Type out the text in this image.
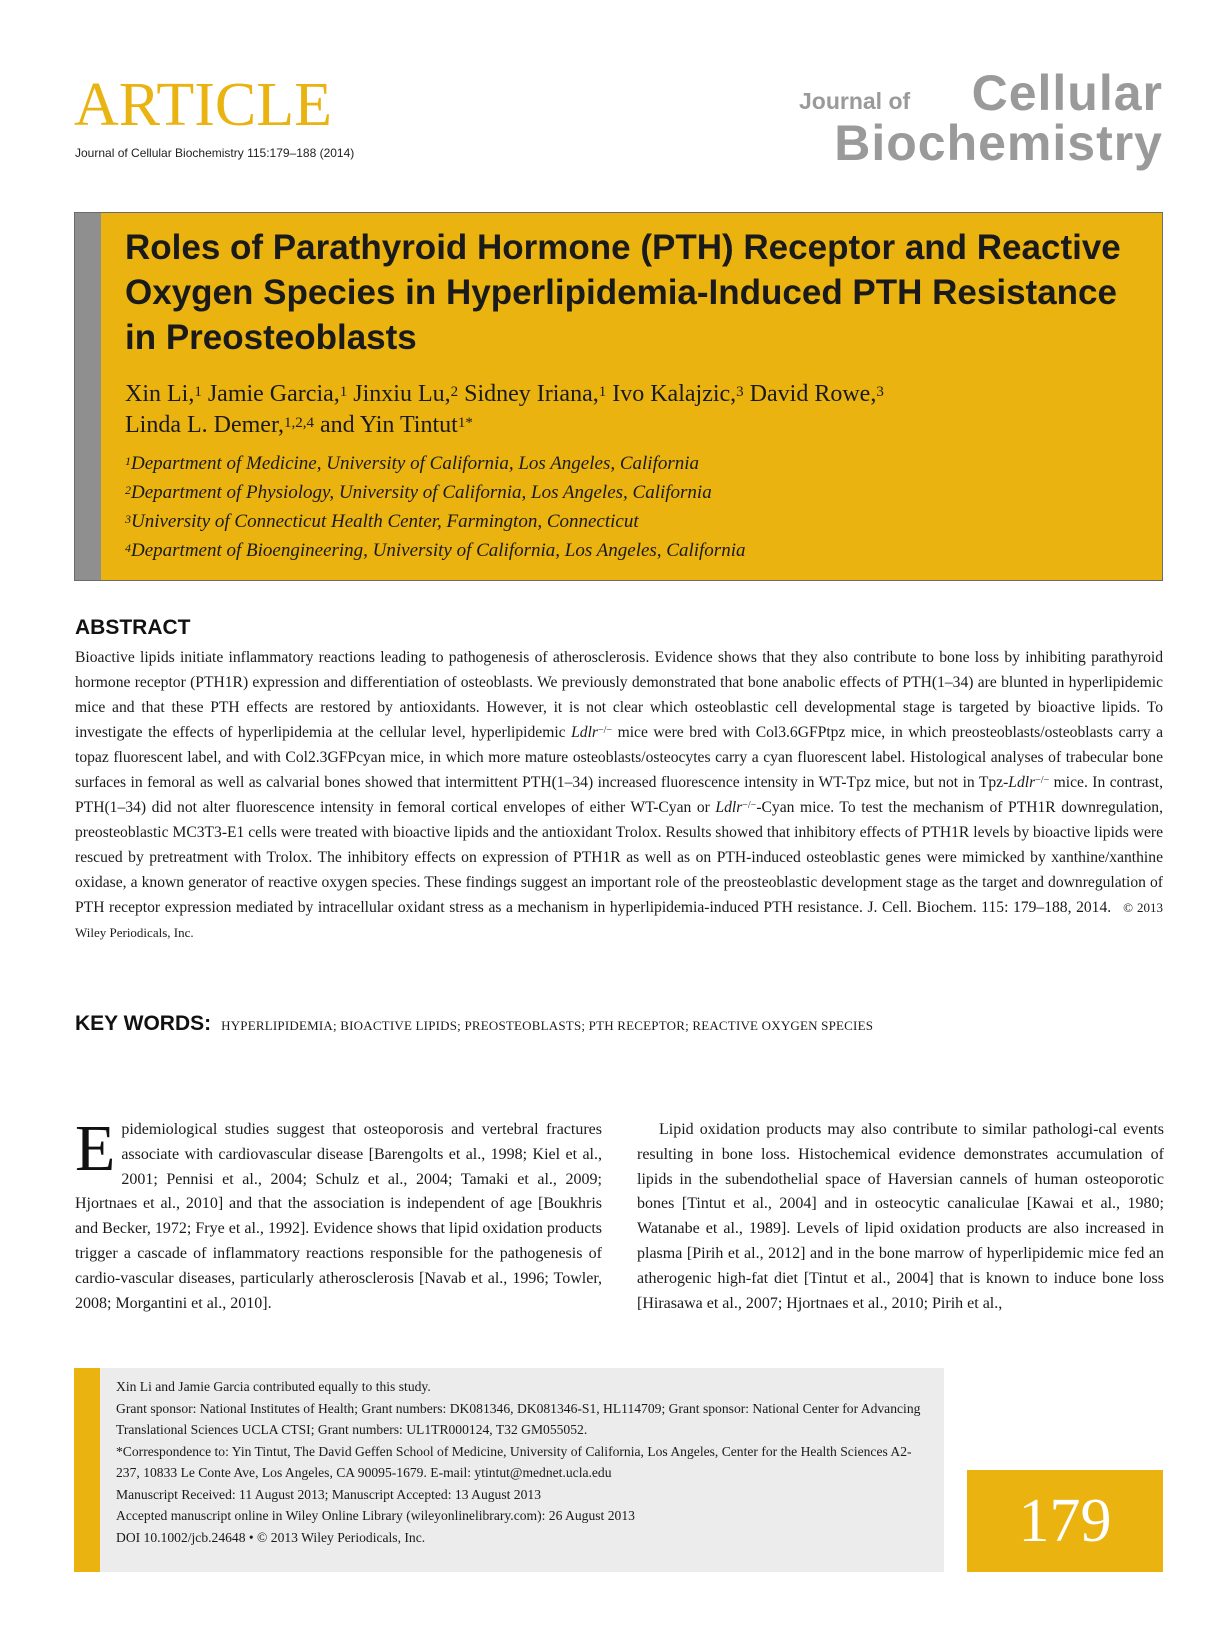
ARTICLE
Journal of Cellular Biochemistry 115:179–188 (2014)
Journal of Cellular
Biochemistry
Roles of Parathyroid Hormone (PTH) Receptor and Reactive Oxygen Species in Hyperlipidemia-Induced PTH Resistance in Preosteoblasts
Xin Li,$^1$ Jamie Garcia,$^1$ Jinxiu Lu,$^2$ Sidney Iriana,$^1$ Ivo Kalajzic,$^3$ David Rowe,$^3$
Linda L. Demer,$^{1,2,4}$ and Yin Tintut$^{1*}$
$^1$Department of Medicine, University of California, Los Angeles, California
$^2$Department of Physiology, University of California, Los Angeles, California
$^3$University of Connecticut Health Center, Farmington, Connecticut
$^4$Department of Bioengineering, University of California, Los Angeles, California
ABSTRACT

Bioactive lipids initiate inflammatory reactions leading to pathogenesis of atherosclerosis. Evidence shows that they also contribute to bone loss by inhibiting parathyroid hormone receptor (PTH1R) expression and differentiation of osteoblasts. We previously demonstrated that bone anabolic effects of PTH(1–34) are blunted in hyperlipidemic mice and that these PTH effects are restored by antioxidants. However, it is not clear which osteoblastic cell developmental stage is targeted by bioactive lipids. To investigate the effects of hyperlipidemia at the cellular level, hyperlipidemic Ldlr−/− mice were bred with Col3.6GFPtpz mice, in which preosteoblasts/osteoblasts carry a topaz fluorescent label, and with Col2.3GFPcyan mice, in which more mature osteoblasts/osteocytes carry a cyan fluorescent label. Histological analyses of trabecular bone surfaces in femoral as well as calvarial bones showed that intermittent PTH(1–34) increased fluorescence intensity in WT-Tpz mice, but not in Tpz-Ldlr−/− mice. In contrast, PTH(1–34) did not alter fluorescence intensity in femoral cortical envelopes of either WT-Cyan or Ldlr−/−-Cyan mice. To test the mechanism of PTH1R downregulation, preosteoblastic MC3T3-E1 cells were treated with bioactive lipids and the antioxidant Trolox. Results showed that inhibitory effects of PTH1R levels by bioactive lipids were rescued by pretreatment with Trolox. The inhibitory effects on expression of PTH1R as well as on PTH-induced osteoblastic genes were mimicked by xanthine/xanthine oxidase, a known generator of reactive oxygen species. These findings suggest an important role of the preosteoblastic development stage as the target and downregulation of PTH receptor expression mediated by intracellular oxidant stress as a mechanism in hyperlipidemia-induced PTH resistance. J. Cell. Biochem. 115: 179–188, 2014. © 2013 Wiley Periodicals, Inc.

KEY WORDS: HYPERLIPIDEMIA; BIOACTIVE LIPIDS; PREOSTEOBLASTS; PTH RECEPTOR; REACTIVE OXYGEN SPECIES
Epidemiological studies suggest that osteoporosis and vertebral fractures associate with cardiovascular disease [Barengolts et al., 1998; Kiel et al., 2001; Pennisi et al., 2004; Schulz et al., 2004; Tamaki et al., 2009; Hjortnaes et al., 2010] and that the association is independent of age [Boukhris and Becker, 1972; Frye et al., 1992]. Evidence shows that lipid oxidation products trigger a cascade of inflammatory reactions responsible for the pathogenesis of cardio-vascular diseases, particularly atherosclerosis [Navab et al., 1996; Towler, 2008; Morgantini et al., 2010].

Lipid oxidation products may also contribute to similar pathologi-cal events resulting in bone loss. Histochemical evidence demonstrates accumulation of lipids in the subendothelial space of Haversian cannels of human osteoporotic bones [Tintut et al., 2004] and in osteocytic canaliculae [Kawai et al., 1980; Watanabe et al., 1989]. Levels of lipid oxidation products are also increased in plasma [Pirih et al., 2012] and in the bone marrow of hyperlipidemic mice fed an atherogenic high-fat diet [Tintut et al., 2004] that is known to induce bone loss [Hirasawa et al., 2007; Hjortnaes et al., 2010; Pirih et al.,

Xin Li and Jamie Garcia contributed equally to this study.
Grant sponsor: National Institutes of Health; Grant numbers: DK081346, DK081346-S1, HL114709; Grant sponsor: National Center for Advancing Translational Sciences UCLA CTSI; Grant numbers: UL1TR000124, T32 GM055052.
*Correspondence to: Yin Tintut, The David Geffen School of Medicine, University of California, Los Angeles, Center for the Health Sciences A2-237, 10833 Le Conte Ave, Los Angeles, CA 90095-1679. E-mail: ytintut@mednet.ucla.edu
Manuscript Received: 11 August 2013; Manuscript Accepted: 13 August 2013
Accepted manuscript online in Wiley Online Library (wileyonlinelibrary.com): 26 August 2013
DOI 10.1002/jcb.24648 • © 2013 Wiley Periodicals, Inc.	179
